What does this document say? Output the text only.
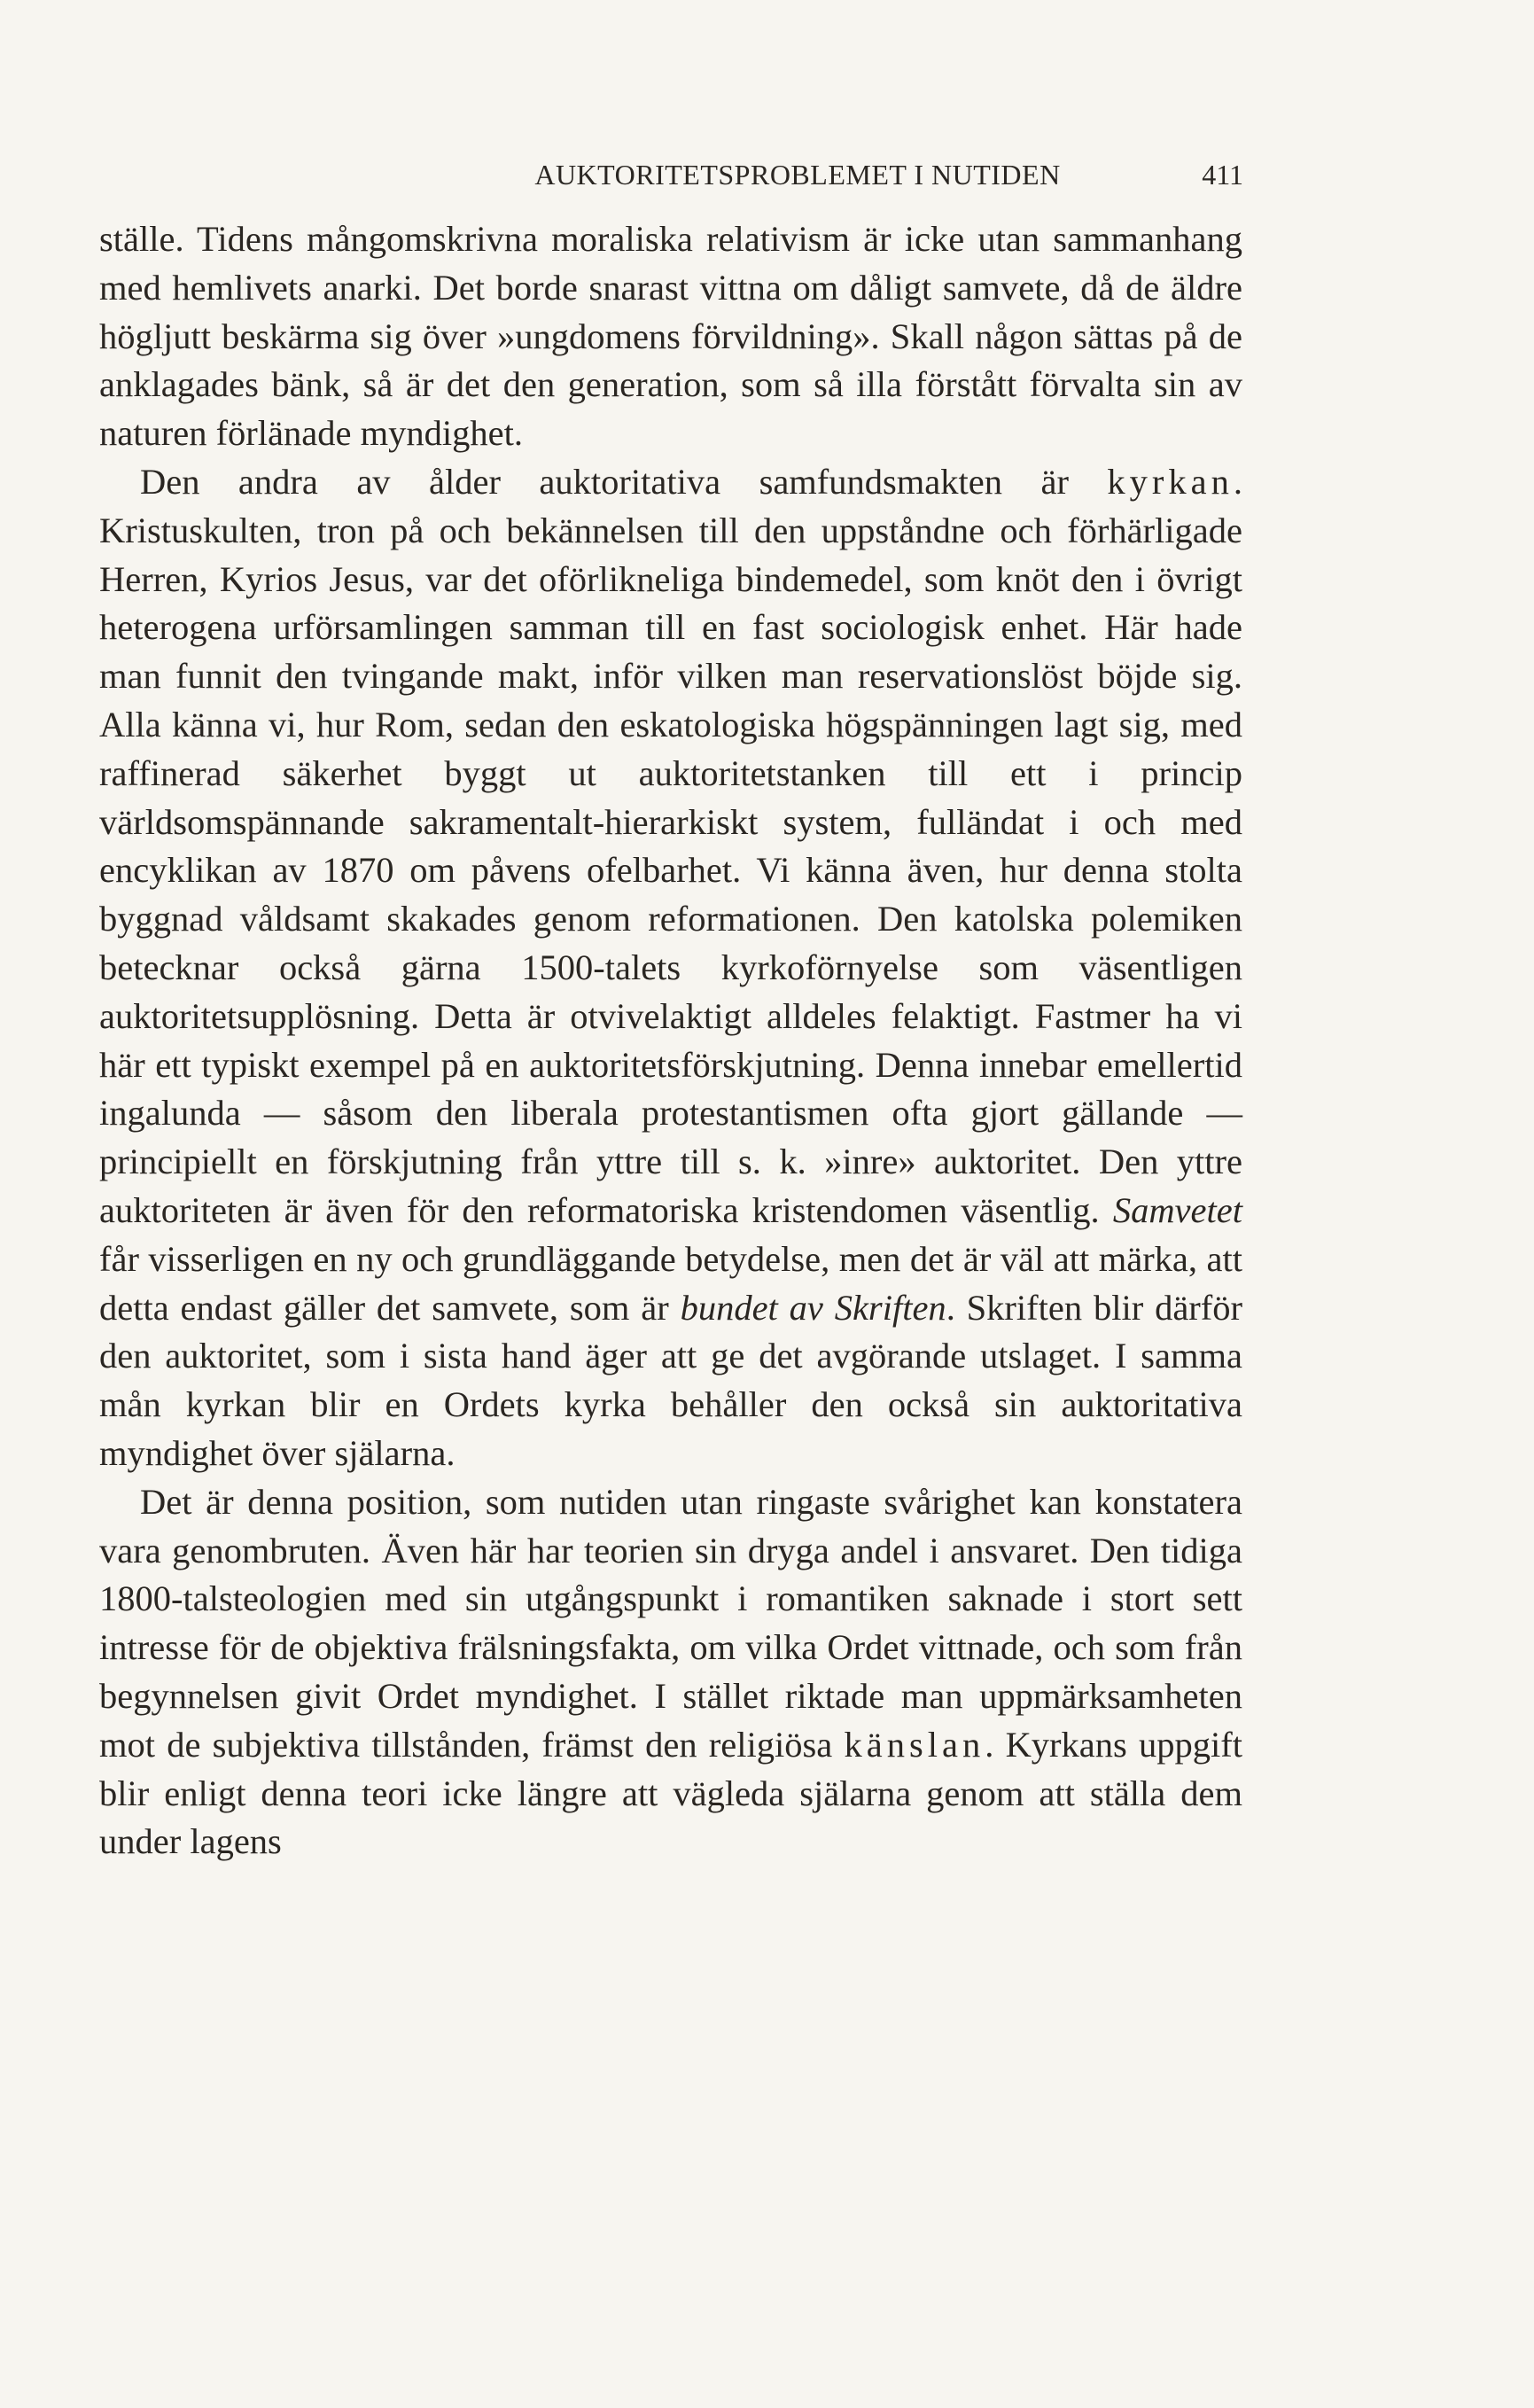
AUKTORITETSPROBLEMET I NUTIDEN	411

ställe. Tidens mångomskrivna moraliska relativism är icke utan sammanhang med hemlivets anarki. Det borde snarast vittna om dåligt samvete, då de äldre högljutt beskärma sig över »ungdomens förvildning». Skall någon sättas på de anklagades bänk, så är det den generation, som så illa förstått förvalta sin av naturen förlänade myndighet.

Den andra av ålder auktoritativa samfundsmakten är kyrkan. Kristuskulten, tron på och bekännelsen till den uppståndne och förhärligade Herren, Kyrios Jesus, var det oförlikneliga bindemedel, som knöt den i övrigt heterogena urförsamlingen samman till en fast sociologisk enhet. Här hade man funnit den tvingande makt, inför vilken man reservationslöst böjde sig. Alla känna vi, hur Rom, sedan den eskatologiska högspänningen lagt sig, med raffinerad säkerhet byggt ut auktoritetstanken till ett i princip världsomspännande sakramentalt-hierarkiskt system, fulländat i och med encyklikan av 1870 om påvens ofelbarhet. Vi känna även, hur denna stolta byggnad våldsamt skakades genom reformationen. Den katolska polemiken betecknar också gärna 1500-talets kyrkoförnyelse som väsentligen auktoritetsupplösning. Detta är otvivelaktigt alldeles felaktigt. Fastmer ha vi här ett typiskt exempel på en auktoritetsförskjutning. Denna innebar emellertid ingalunda — såsom den liberala protestantismen ofta gjort gällande — principiellt en förskjutning från yttre till s. k. »inre» auktoritet. Den yttre auktoriteten är även för den reformatoriska kristendomen väsentlig. Samvetet får visserligen en ny och grundläggande betydelse, men det är väl att märka, att detta endast gäller det samvete, som är bundet av Skriften. Skriften blir därför den auktoritet, som i sista hand äger att ge det avgörande utslaget. I samma mån kyrkan blir en Ordets kyrka behåller den också sin auktoritativa myndighet över själarna.

Det är denna position, som nutiden utan ringaste svårighet kan konstatera vara genombruten. Även här har teorien sin dryga andel i ansvaret. Den tidiga 1800-talsteologien med sin utgångspunkt i romantiken saknade i stort sett intresse för de objektiva frälsningsfakta, om vilka Ordet vittnade, och som från begynnelsen givit Ordet myndighet. I stället riktade man uppmärksamheten mot de subjektiva tillstånden, främst den religiösa känslan. Kyrkans uppgift blir enligt denna teori icke längre att vägleda själarna genom att ställa dem under lagens
